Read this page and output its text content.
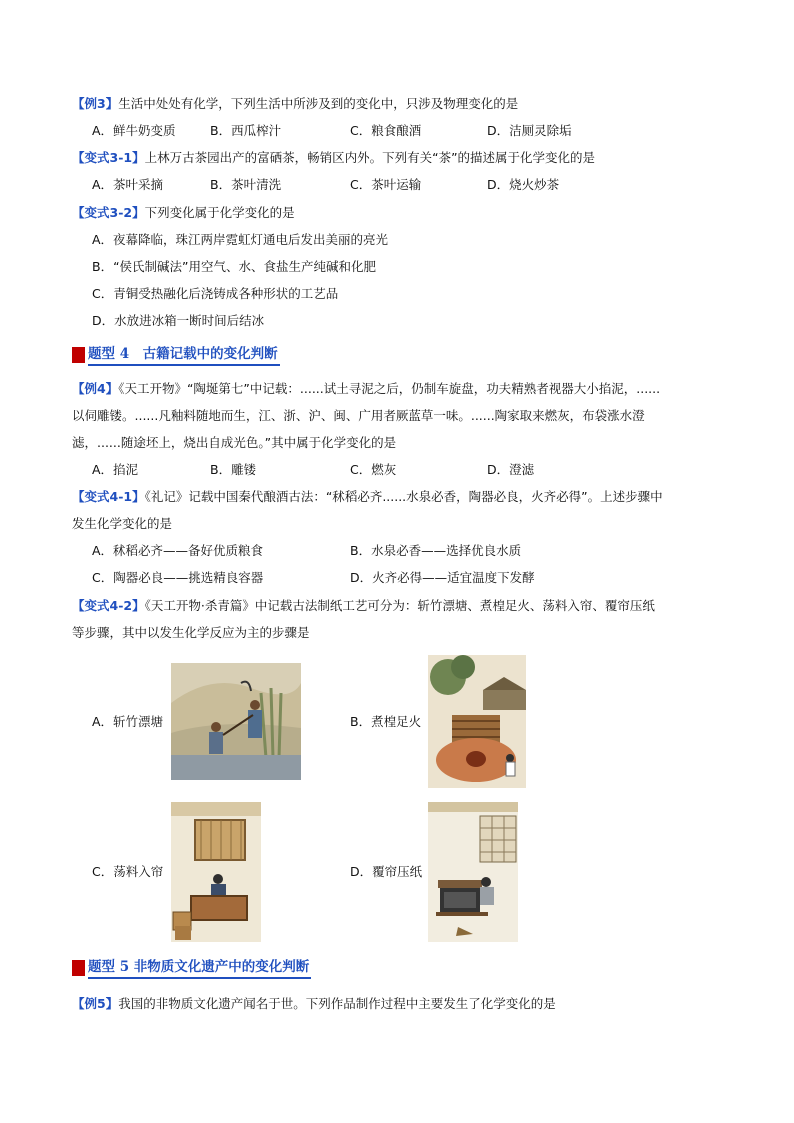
【例3】生活中处处有化学，下列生活中所涉及到的变化中，只涉及物理变化的是
A．鲜牛奶变质	B．西瓜榨汁	C．粮食酿酒	D．洁厕灵除垢
【变式3-1】上林万古茶园出产的富硒茶，畅销区内外。下列有关“茶”的描述属于化学变化的是
A．茶叶采摘	B．茶叶清洗	C．茶叶运输	D．烧火炒茶
【变式3-2】下列变化属于化学变化的是
A．夜幕降临，珠江两岸霓虹灯通电后发出美丽的亮光
B．“侯氏制碱法”用空气、水、食盐生产纯碱和化肥
C．青铜受热融化后浇铸成各种形状的工艺品
D．水放进冰箱一断时间后结冰
题型 4　古籍记载中的变化判断
【例4】《天工开物》“陶埏第七”中记载：......试土寻泥之后，仍制车旋盘，功夫精熟者视器大小掐泥，......
以伺雕镂。......凡釉料随地而生，江、浙、沪、闽、广用者厥蓝草一味。......陶家取来燃灰，布袋涨水澄
滤，......随途坯上，烧出自成光色。”其中属于化学变化的是
A．掐泥	B．雕镂	C．燃灰	D．澄滤
【变式4-1】《礼记》记载中国秦代酿酒古法：“秫稻必齐......水泉必香，陶器必良，火齐必得”。上述步骤中
发生化学变化的是
A．秫稻必齐——备好优质粮食	B．水泉必香——选择优良水质
C．陶器必良——挑选精良容器	D．火齐必得——适宜温度下发酵
【变式4-2】《天工开物·杀青篇》中记载古法制纸工艺可分为：斩竹漂塘、煮楻足火、荡料入帘、覆帘压纸
等步骤，其中以发生化学反应为主的步骤是
A．斩竹漂塘	B．煮楻足火
C．荡料入帘	D．覆帘压纸
题型 5 非物质文化遗产中的变化判断
【例5】我国的非物质文化遗产闻名于世。下列作品制作过程中主要发生了化学变化的是
